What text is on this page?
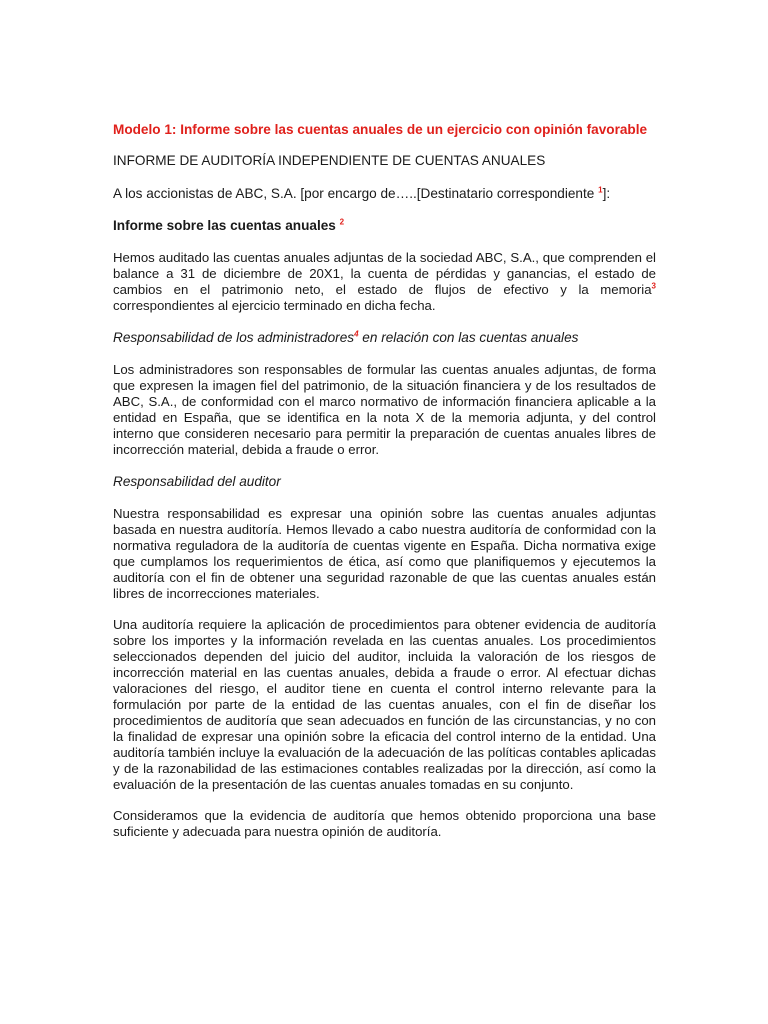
Modelo 1: Informe sobre las cuentas anuales de un ejercicio con opinión favorable
INFORME DE AUDITORÍA INDEPENDIENTE DE CUENTAS ANUALES
A los accionistas de ABC, S.A. [por encargo de…..[Destinatario correspondiente $^1$]:
Informe sobre las cuentas anuales $^2$

Hemos auditado las cuentas anuales adjuntas de la sociedad ABC, S.A., que comprenden el balance a 31 de diciembre de 20X1, la cuenta de pérdidas y ganancias, el estado de cambios en el patrimonio neto, el estado de flujos de efectivo y la memoria$^3$ correspondientes al ejercicio terminado en dicha fecha.

Responsabilidad de los administradores$^4$ en relación con las cuentas anuales

Los administradores son responsables de formular las cuentas anuales adjuntas, de forma que expresen la imagen fiel del patrimonio, de la situación financiera y de los resultados de ABC, S.A., de conformidad con el marco normativo de información financiera aplicable a la entidad en España, que se identifica en la nota X de la memoria adjunta, y del control interno que consideren necesario para permitir la preparación de cuentas anuales libres de incorrección material, debida a fraude o error.

Responsabilidad del auditor

Nuestra responsabilidad es expresar una opinión sobre las cuentas anuales adjuntas basada en nuestra auditoría. Hemos llevado a cabo nuestra auditoría de conformidad con la normativa reguladora de la auditoría de cuentas vigente en España. Dicha normativa exige que cumplamos los requerimientos de ética, así como que planifiquemos y ejecutemos la auditoría con el fin de obtener una seguridad razonable de que las cuentas anuales están libres de incorrecciones materiales.

Una auditoría requiere la aplicación de procedimientos para obtener evidencia de auditoría sobre los importes y la información revelada en las cuentas anuales. Los procedimientos seleccionados dependen del juicio del auditor, incluida la valoración de los riesgos de incorrección material en las cuentas anuales, debida a fraude o error. Al efectuar dichas valoraciones del riesgo, el auditor tiene en cuenta el control interno relevante para la formulación por parte de la entidad de las cuentas anuales, con el fin de diseñar los procedimientos de auditoría que sean adecuados en función de las circunstancias, y no con la finalidad de expresar una opinión sobre la eficacia del control interno de la entidad. Una auditoría también incluye la evaluación de la adecuación de las políticas contables aplicadas y de la razonabilidad de las estimaciones contables realizadas por la dirección, así como la evaluación de la presentación de las cuentas anuales tomadas en su conjunto.

Consideramos que la evidencia de auditoría que hemos obtenido proporciona una base suficiente y adecuada para nuestra opinión de auditoría.
